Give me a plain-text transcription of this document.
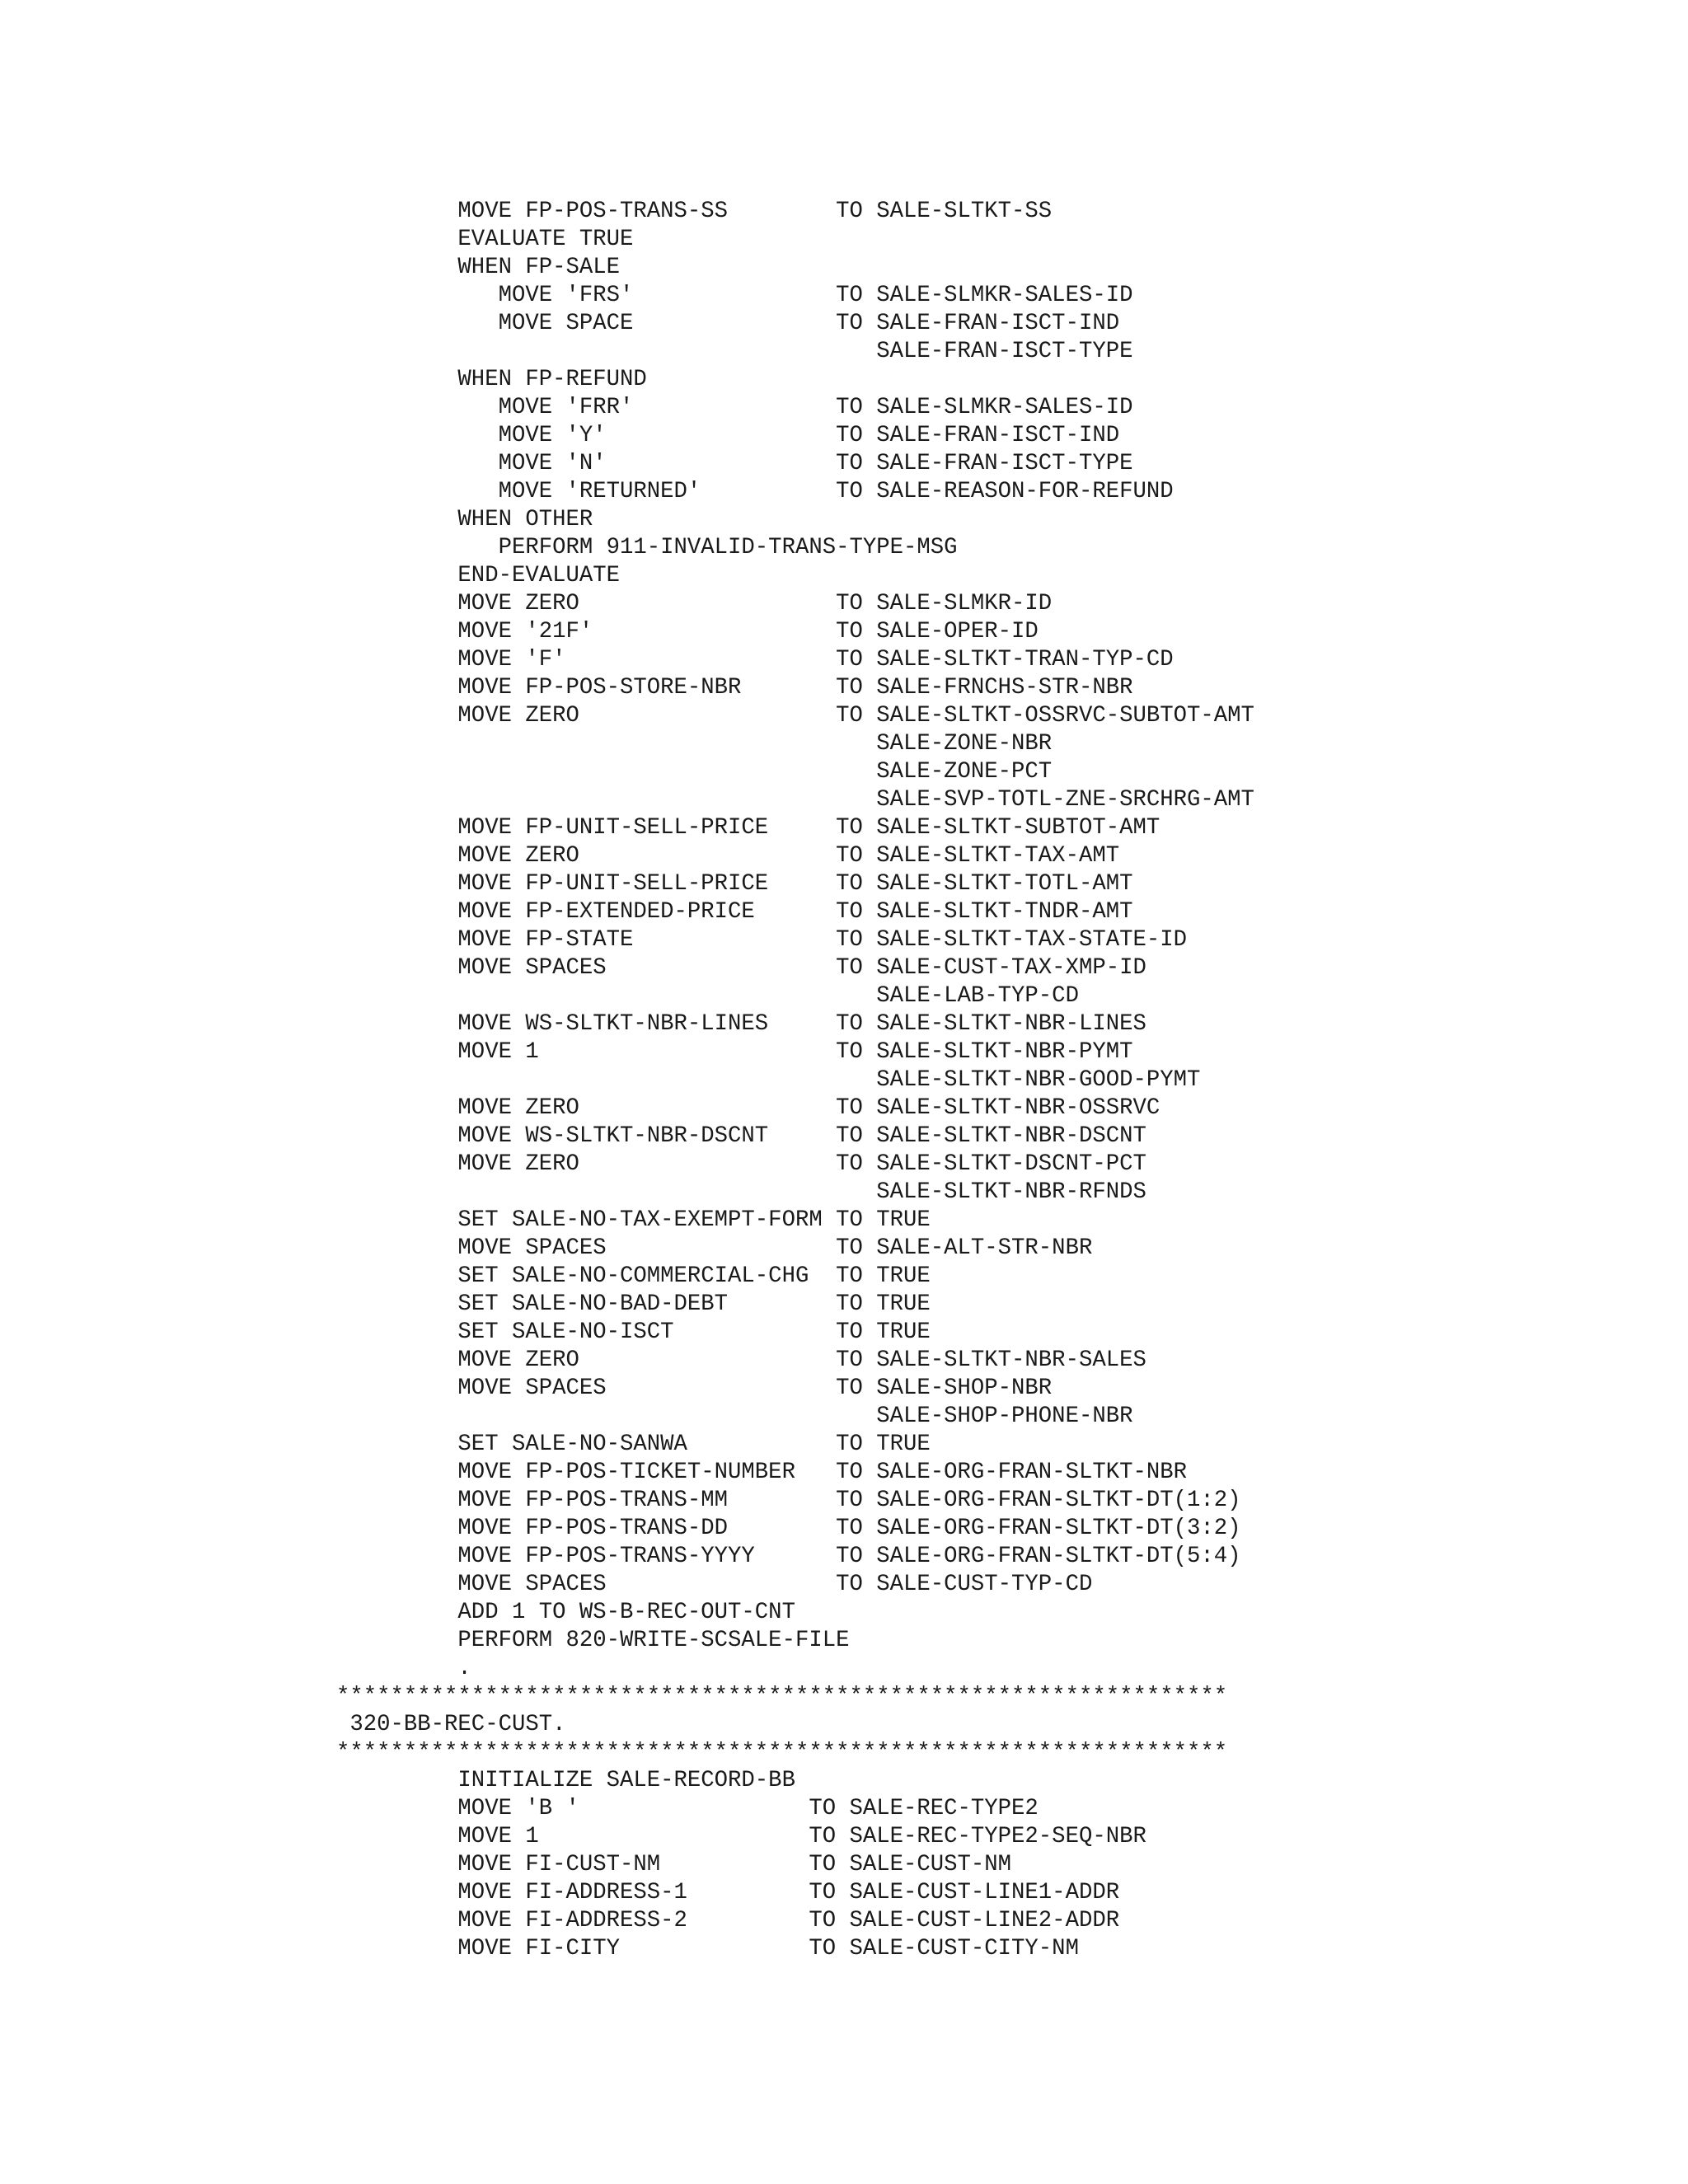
MOVE FP-POS-TRANS-SS        TO SALE-SLTKT-SS
EVALUATE TRUE
WHEN FP-SALE
MOVE 'FRS'               TO SALE-SLMKR-SALES-ID
MOVE SPACE               TO SALE-FRAN-ISCT-IND
SALE-FRAN-ISCT-TYPE
WHEN FP-REFUND
MOVE 'FRR'               TO SALE-SLMKR-SALES-ID
MOVE 'Y'                 TO SALE-FRAN-ISCT-IND
MOVE 'N'                 TO SALE-FRAN-ISCT-TYPE
MOVE 'RETURNED'          TO SALE-REASON-FOR-REFUND
WHEN OTHER
PERFORM 911-INVALID-TRANS-TYPE-MSG
END-EVALUATE
MOVE ZERO                   TO SALE-SLMKR-ID
MOVE '21F'                  TO SALE-OPER-ID
MOVE 'F'                    TO SALE-SLTKT-TRAN-TYP-CD
MOVE FP-POS-STORE-NBR       TO SALE-FRNCHS-STR-NBR
MOVE ZERO                   TO SALE-SLTKT-OSSRVC-SUBTOT-AMT
SALE-ZONE-NBR
SALE-ZONE-PCT
SALE-SVP-TOTL-ZNE-SRCHRG-AMT
MOVE FP-UNIT-SELL-PRICE     TO SALE-SLTKT-SUBTOT-AMT
MOVE ZERO                   TO SALE-SLTKT-TAX-AMT
MOVE FP-UNIT-SELL-PRICE     TO SALE-SLTKT-TOTL-AMT
MOVE FP-EXTENDED-PRICE      TO SALE-SLTKT-TNDR-AMT
MOVE FP-STATE               TO SALE-SLTKT-TAX-STATE-ID
MOVE SPACES                 TO SALE-CUST-TAX-XMP-ID
SALE-LAB-TYP-CD
MOVE WS-SLTKT-NBR-LINES     TO SALE-SLTKT-NBR-LINES
MOVE 1                      TO SALE-SLTKT-NBR-PYMT
SALE-SLTKT-NBR-GOOD-PYMT
MOVE ZERO                   TO SALE-SLTKT-NBR-OSSRVC
MOVE WS-SLTKT-NBR-DSCNT     TO SALE-SLTKT-NBR-DSCNT
MOVE ZERO                   TO SALE-SLTKT-DSCNT-PCT
SALE-SLTKT-NBR-RFNDS
SET SALE-NO-TAX-EXEMPT-FORM TO TRUE
MOVE SPACES                 TO SALE-ALT-STR-NBR
SET SALE-NO-COMMERCIAL-CHG  TO TRUE
SET SALE-NO-BAD-DEBT        TO TRUE
SET SALE-NO-ISCT            TO TRUE
MOVE ZERO                   TO SALE-SLTKT-NBR-SALES
MOVE SPACES                 TO SALE-SHOP-NBR
SALE-SHOP-PHONE-NBR
SET SALE-NO-SANWA           TO TRUE
MOVE FP-POS-TICKET-NUMBER   TO SALE-ORG-FRAN-SLTKT-NBR
MOVE FP-POS-TRANS-MM        TO SALE-ORG-FRAN-SLTKT-DT(1:2)
MOVE FP-POS-TRANS-DD        TO SALE-ORG-FRAN-SLTKT-DT(3:2)
MOVE FP-POS-TRANS-YYYY      TO SALE-ORG-FRAN-SLTKT-DT(5:4)
MOVE SPACES                 TO SALE-CUST-TYP-CD
ADD 1 TO WS-B-REC-OUT-CNT
PERFORM 820-WRITE-SCSALE-FILE
.
******************************************************************
320-BB-REC-CUST.
******************************************************************
INITIALIZE SALE-RECORD-BB
MOVE 'B '                 TO SALE-REC-TYPE2
MOVE 1                    TO SALE-REC-TYPE2-SEQ-NBR
MOVE FI-CUST-NM           TO SALE-CUST-NM
MOVE FI-ADDRESS-1         TO SALE-CUST-LINE1-ADDR
MOVE FI-ADDRESS-2         TO SALE-CUST-LINE2-ADDR
MOVE FI-CITY              TO SALE-CUST-CITY-NM
